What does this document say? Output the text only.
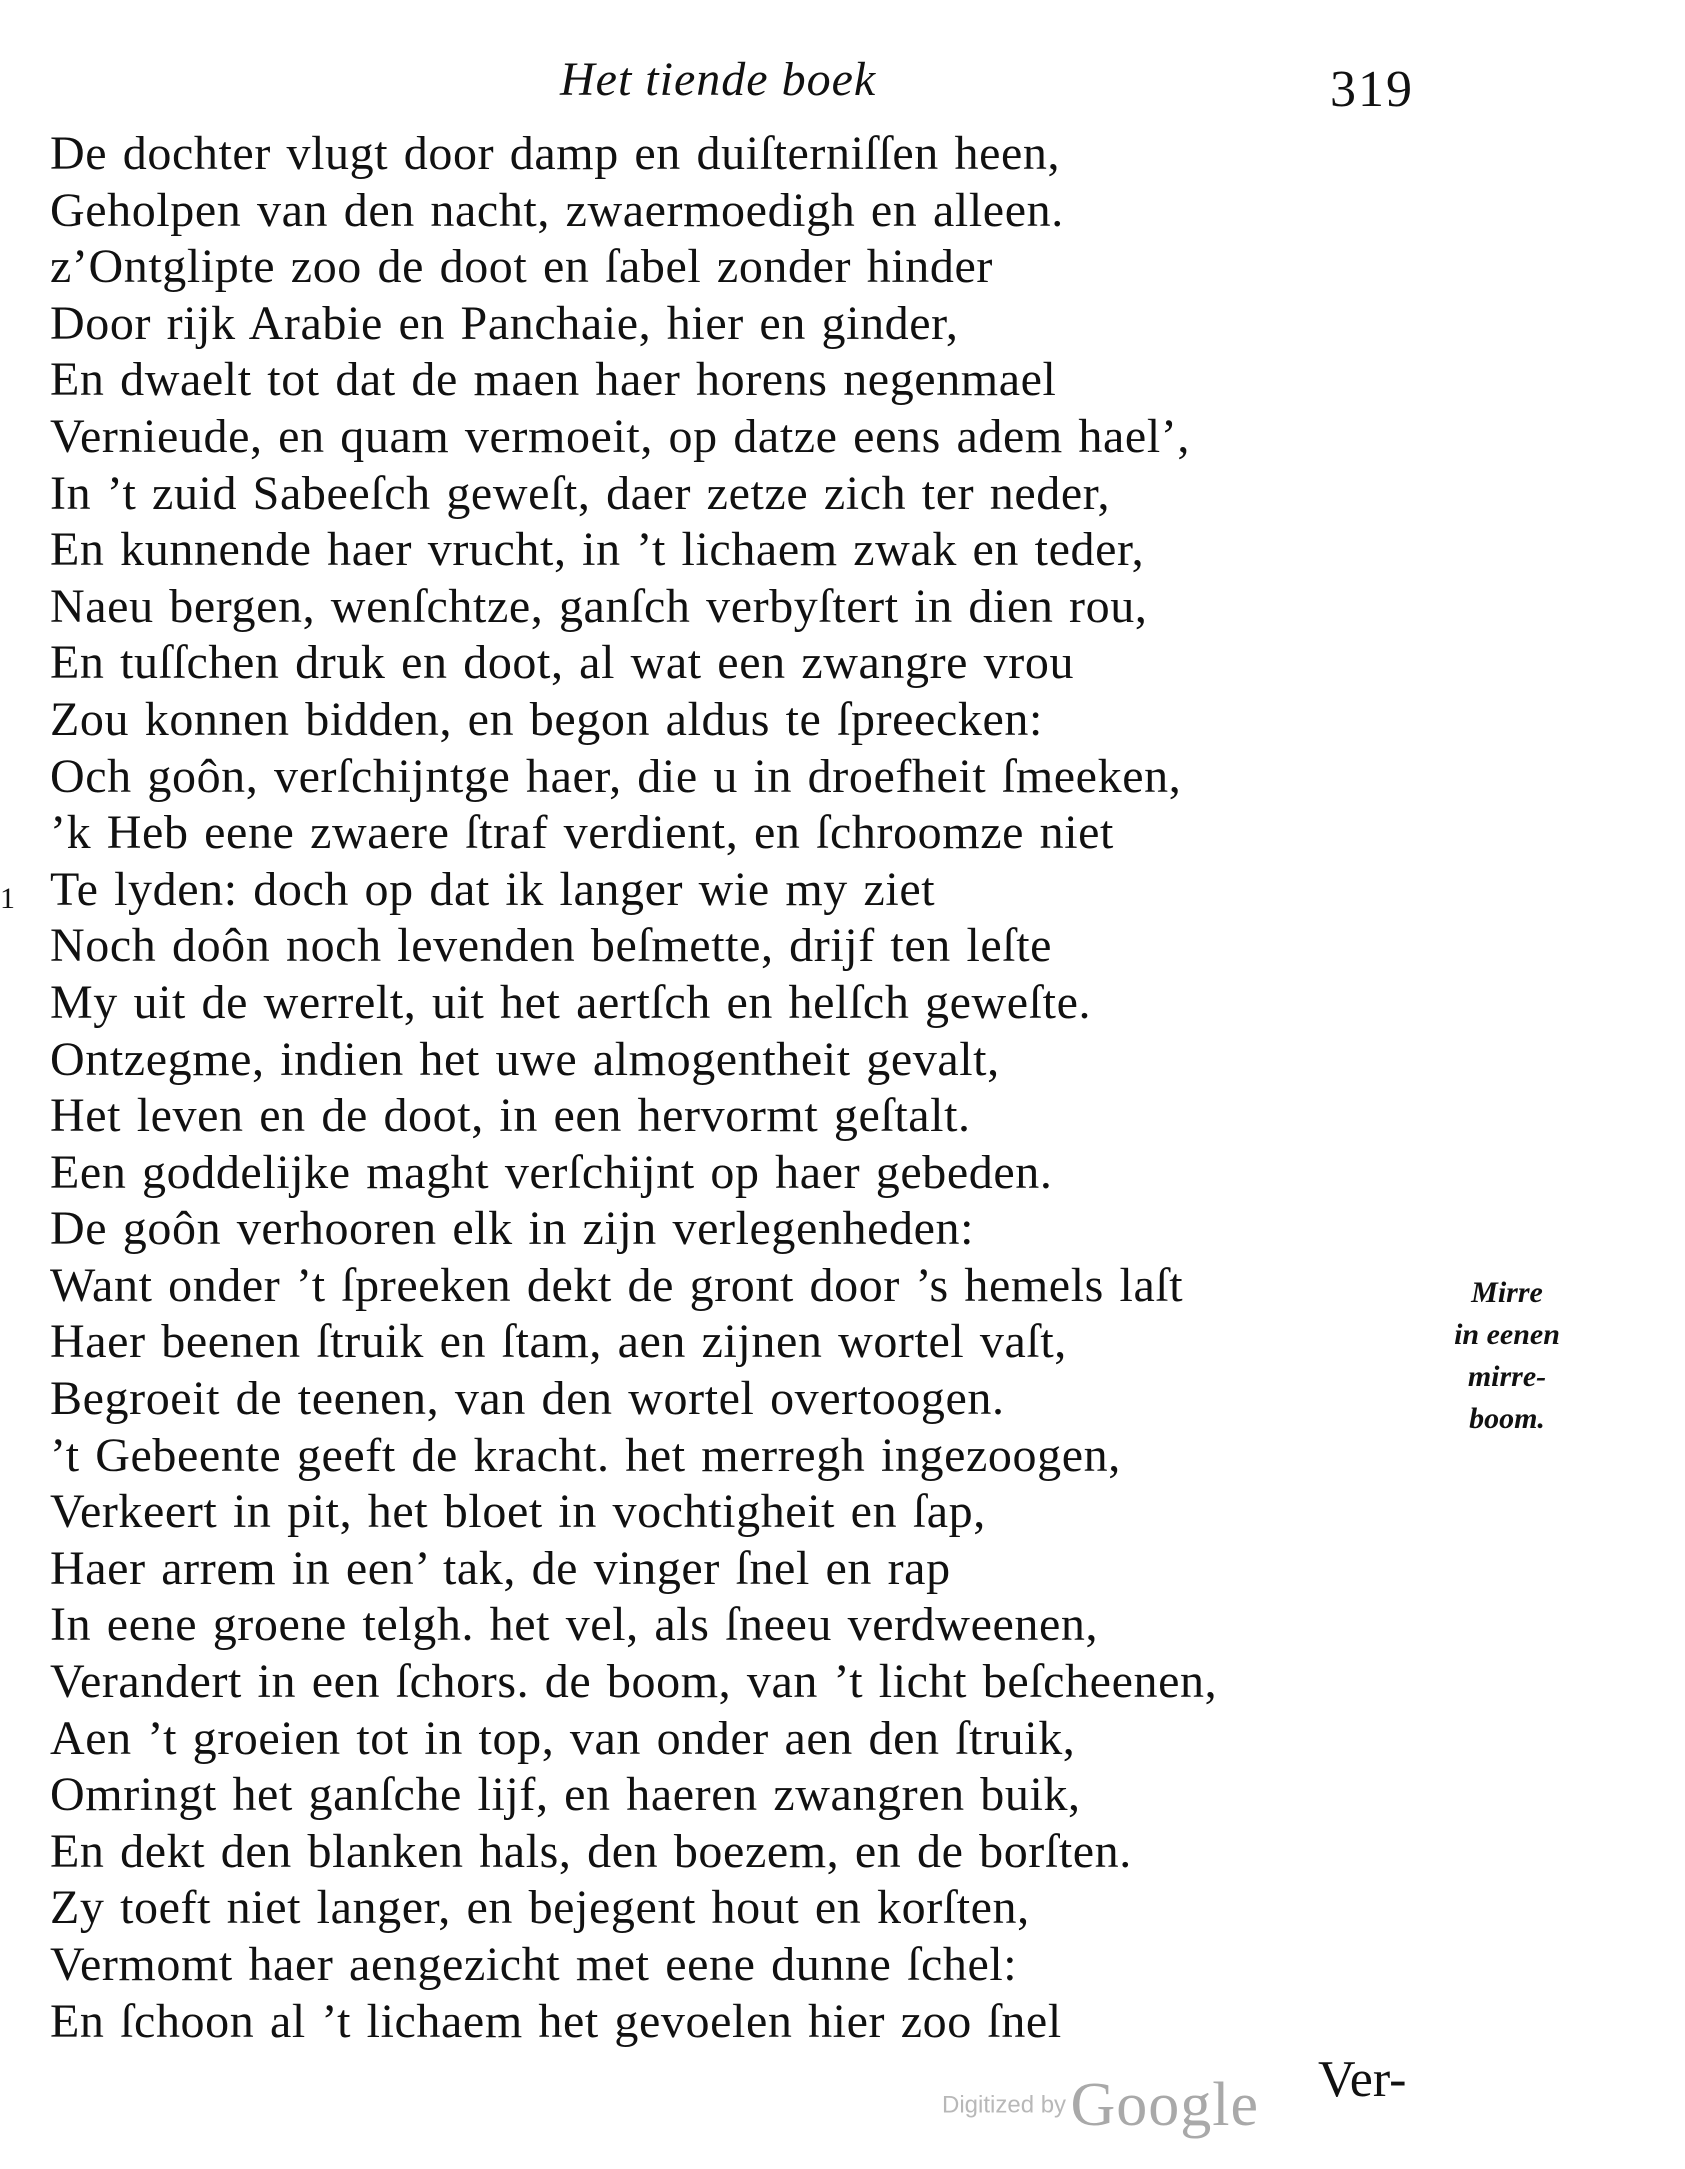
Het tiende boek	319
De dochter vlugt door damp en duiſterniſſen heen,
Geholpen van den nacht, zwaermoedigh en alleen.
z’Ontglipte zoo de doot en ſabel zonder hinder
Door rijk Arabie en Panchaie, hier en ginder,
En dwaelt tot dat de maen haer horens negenmael
Vernieude, en quam vermoeit, op datze eens adem hael’,
In ’t zuid Sabeeſch geweſt, daer zetze zich ter neder,
En kunnende haer vrucht, in ’t lichaem zwak en teder,
Naeu bergen, wenſchtze, ganſch verbyſtert in dien rou,
En tuſſchen druk en doot, al wat een zwangre vrou
Zou konnen bidden, en begon aldus te ſpreecken:
Och goôn, verſchijntge haer, die u in droefheit ſmeeken,
’k Heb eene zwaere ſtraf verdient, en ſchroomze niet
Te lyden: doch op dat ik langer wie my ziet
Noch doôn noch levenden beſmette, drijf ten leſte
My uit de werrelt, uit het aertſch en helſch geweſte.
Ontzegme, indien het uwe almogentheit gevalt,
Het leven en de doot, in een hervormt geſtalt.
Een goddelijke maght verſchijnt op haer gebeden.
De goôn verhooren elk in zijn verlegenheden:
Want onder ’t ſpreeken dekt de gront door ’s hemels laſt
Haer beenen ſtruik en ſtam, aen zijnen wortel vaſt,
Begroeit de teenen, van den wortel overtoogen.
’t Gebeente geeft de kracht. het merregh ingezoogen,
Verkeert in pit, het bloet in vochtigheit en ſap,
Haer arrem in een’ tak, de vinger ſnel en rap
In eene groene telgh. het vel, als ſneeu verdweenen,
Verandert in een ſchors. de boom, van ’t licht beſcheenen,
Aen ’t groeien tot in top, van onder aen den ſtruik,
Omringt het ganſche lijf, en haeren zwangren buik,
En dekt den blanken hals, den boezem, en de borſten.
Zy toeft niet langer, en bejegent hout en korſten,
Vermomt haer aengezicht met eene dunne ſchel:
En ſchoon al ’t lichaem het gevoelen hier zoo ſnel
1
Mirre
in eenen
mirre-
boom.
Digitized by Google Ver-
